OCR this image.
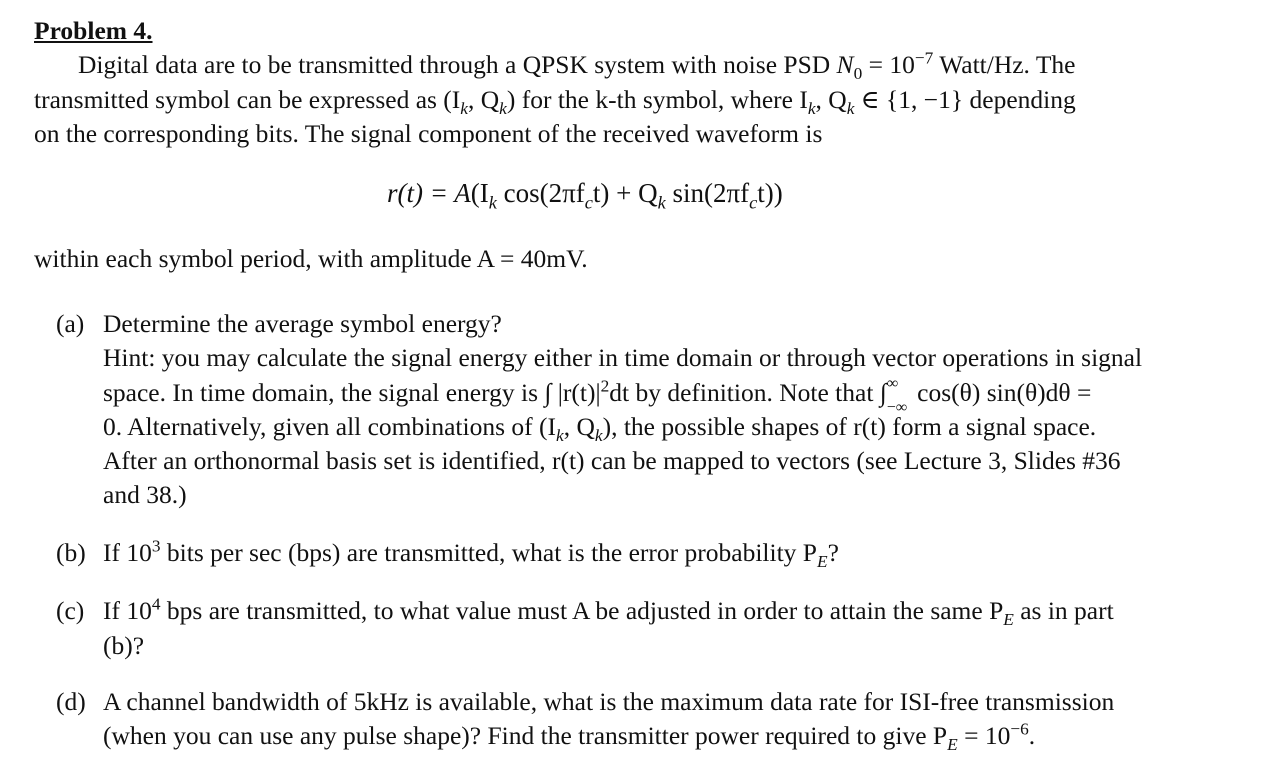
Problem 4.
Digital data are to be transmitted through a QPSK system with noise PSD $N_0 = 10^{-7}$ Watt/Hz. The
transmitted symbol can be expressed as ($I_k$, $Q_k$) for the k-th symbol, where $I_k$, $Q_k$ ∈ {1, −1} depending
on the corresponding bits. The signal component of the received waveform is
$r(t) = A(I_k$ $\cos(2\pi f_ct) + Q_k$ $\sin(2\pi f_ct)$)
within each symbol period, with amplitude A = 40mV.
(a) Determine the average symbol energy?
Hint: you may calculate the signal energy either in time domain or through vector operations in signal
space. In time domain, the signal energy is ∫ $|r(t)|^2dt$ by definition. Note that ∫ ∞
−∞
cos(θ) sin(θ)dθ =
0. Alternatively, given all combinations of ($I_k$, $Q_k$), the possible shapes of r(t) form a signal space.
After an orthonormal basis set is identified, r(t) can be mapped to vectors (see Lecture 3, Slides #36
and 38.)
(b) If $10^3$ bits per sec (bps) are transmitted, what is the error probability $P_E$?
(c) If $10^4$ bps are transmitted, to what value must A be adjusted in order to attain the same $P_E$ as in part
(b)?
(d) A channel bandwidth of 5kHz is available, what is the maximum data rate for ISI-free transmission
(when you can use any pulse shape)? Find the transmitter power required to give $P_E = 10^{-6}$.
